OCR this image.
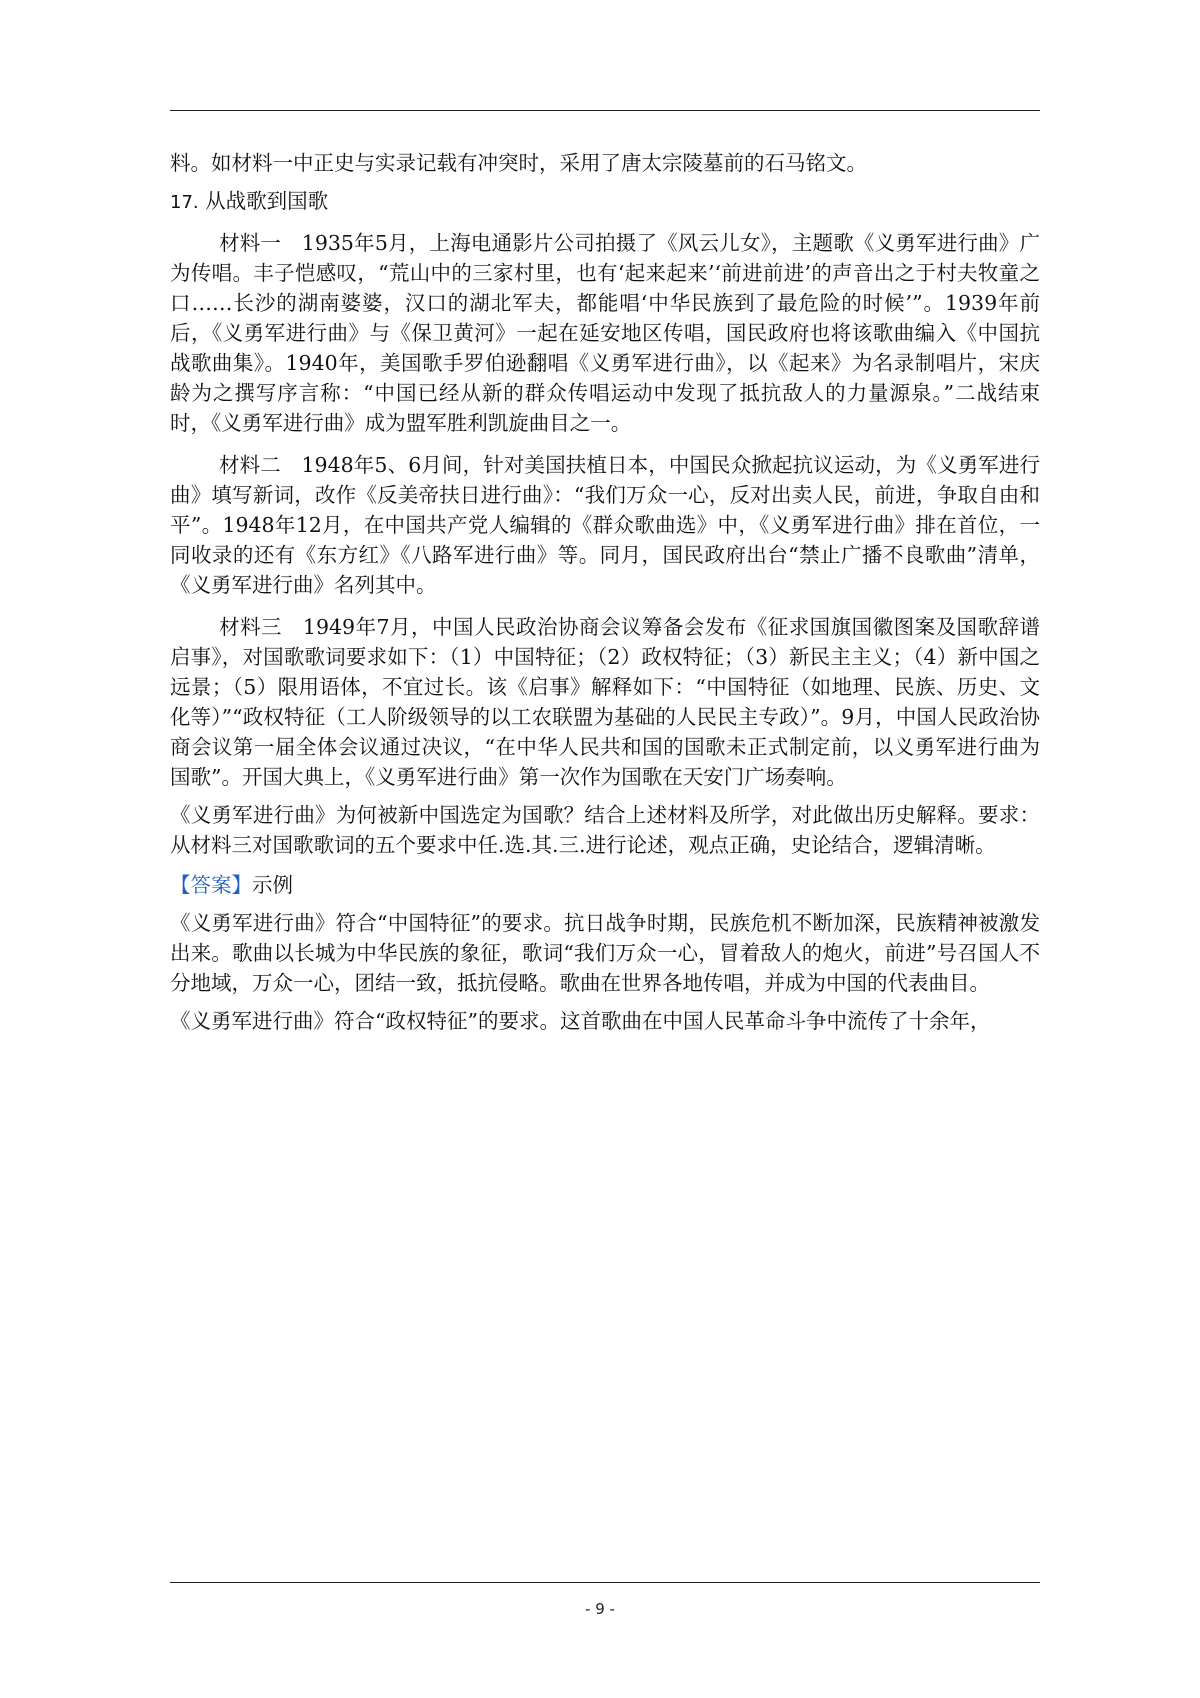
料。如材料一中正史与实录记载有冲突时，采用了唐太宗陵墓前的石马铭文。

17. 从战歌到国歌

材料一　1935年5月，上海电通影片公司拍摄了《风云儿女》，主题歌《义勇军进行曲》广为传唱。丰子恺感叹，“荒山中的三家村里，也有‘起来起来’‘前进前进’的声音出之于村夫牧童之口……长沙的湖南婆婆，汉口的湖北军夫，都能唱‘中华民族到了最危险的时候’”。1939年前后，《义勇军进行曲》与《保卫黄河》一起在延安地区传唱，国民政府也将该歌曲编入《中国抗战歌曲集》。1940年，美国歌手罗伯逊翻唱《义勇军进行曲》，以《起来》为名录制唱片，宋庆龄为之撰写序言称：“中国已经从新的群众传唱运动中发现了抵抗敌人的力量源泉。”二战结束时，《义勇军进行曲》成为盟军胜利凯旋曲目之一。

材料二　1948年5、6月间，针对美国扶植日本，中国民众掀起抗议运动，为《义勇军进行曲》填写新词，改作《反美帝扶日进行曲》：“我们万众一心，反对出卖人民，前进，争取自由和平”。1948年12月，在中国共产党人编辑的《群众歌曲选》中，《义勇军进行曲》排在首位，一同收录的还有《东方红》《八路军进行曲》等。同月，国民政府出台“禁止广播不良歌曲”清单，《义勇军进行曲》名列其中。

材料三　1949年7月，中国人民政治协商会议筹备会发布《征求国旗国徽图案及国歌辞谱启事》，对国歌歌词要求如下：（1）中国特征；（2）政权特征；（3）新民主主义；（4）新中国之远景；（5）限用语体，不宜过长。该《启事》解释如下：“中国特征（如地理、民族、历史、文化等）”“政权特征（工人阶级领导的以工农联盟为基础的人民民主专政）”。9月，中国人民政治协商会议第一届全体会议通过决议，“在中华人民共和国的国歌未正式制定前，以义勇军进行曲为国歌”。开国大典上，《义勇军进行曲》第一次作为国歌在天安门广场奏响。

《义勇军进行曲》为何被新中国选定为国歌？结合上述材料及所学，对此做出历史解释。要求：从材料三对国歌歌词的五个要求中任.选.其.三.进行论述，观点正确，史论结合，逻辑清晰。

【答案】示例

《义勇军进行曲》符合“中国特征”的要求。抗日战争时期，民族危机不断加深，民族精神被激发出来。歌曲以长城为中华民族的象征，歌词“我们万众一心，冒着敌人的炮火，前进”号召国人不分地域，万众一心，团结一致，抵抗侵略。歌曲在世界各地传唱，并成为中国的代表曲目。

《义勇军进行曲》符合“政权特征”的要求。这首歌曲在中国人民革命斗争中流传了十余年，

- 9 -
